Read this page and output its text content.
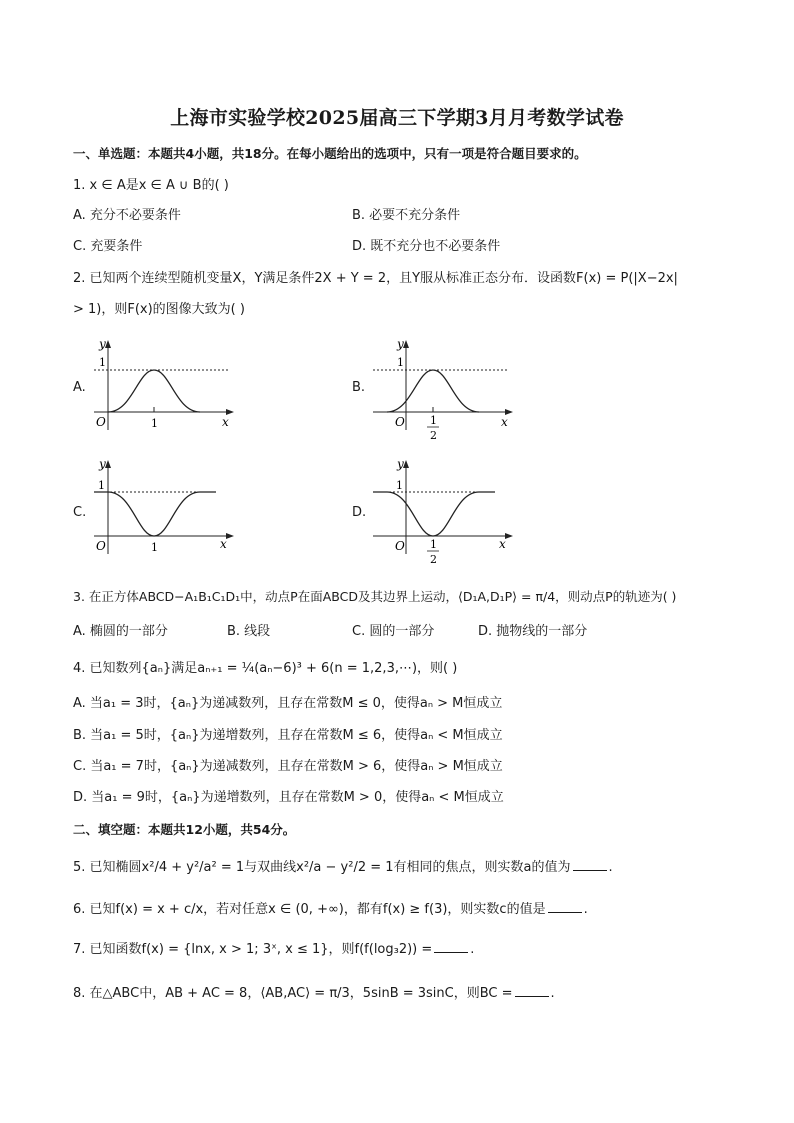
上海市实验学校2025届高三下学期3月月考数学试卷
一、单选题：本题共4小题，共18分。在每小题给出的选项中，只有一项是符合题目要求的。
1. x ∈ A是x ∈ A ∪ B的( )
A. 充分不必要条件	B. 必要不充分条件
C. 充要条件	D. 既不充分也不必要条件
2. 已知两个连续型随机变量X，Y满足条件2X + Y = 2，且Y服从标准正态分布．设函数F(x) = P(|X−2x|
> 1)，则F(x)的图像大致为( )
A.
y
1
O	1	x
B.
y
1
O 1
2
x
C.
y
1
O	1	x
D.
y
1
O 1
2
x
3. 在正方体ABCD−A₁B₁C₁D₁中，动点P在面ABCD及其边界上运动，⟨D₁A,D₁P⟩ = π/4，则动点P的轨迹为( )
A. 椭圆的一部分	B. 线段	C. 圆的一部分	D. 抛物线的一部分
4. 已知数列{aₙ}满足aₙ₊₁ = ¼(aₙ−6)³ + 6(n = 1,2,3,⋯)，则( )
A. 当a₁ = 3时，{aₙ}为递减数列，且存在常数M ≤ 0，使得aₙ > M恒成立
B. 当a₁ = 5时，{aₙ}为递增数列，且存在常数M ≤ 6，使得aₙ < M恒成立
C. 当a₁ = 7时，{aₙ}为递减数列，且存在常数M > 6，使得aₙ > M恒成立
D. 当a₁ = 9时，{aₙ}为递增数列，且存在常数M > 0，使得aₙ < M恒成立
二、填空题：本题共12小题，共54分。
5. 已知椭圆x²/4 + y²/a² = 1与双曲线x²/a − y²/2 = 1有相同的焦点，则实数a的值为	.
6. 已知f(x) = x + c/x，若对任意x ∈ (0, +∞)，都有f(x) ≥ f(3)，则实数c的值是	.
7. 已知函数f(x) = {lnx, x > 1; 3ˣ, x ≤ 1}，则f(f(log₃2)) =	.
8. 在△ABC中，AB + AC = 8，⟨AB,AC⟩ = π/3，5sinB = 3sinC，则BC =	.
